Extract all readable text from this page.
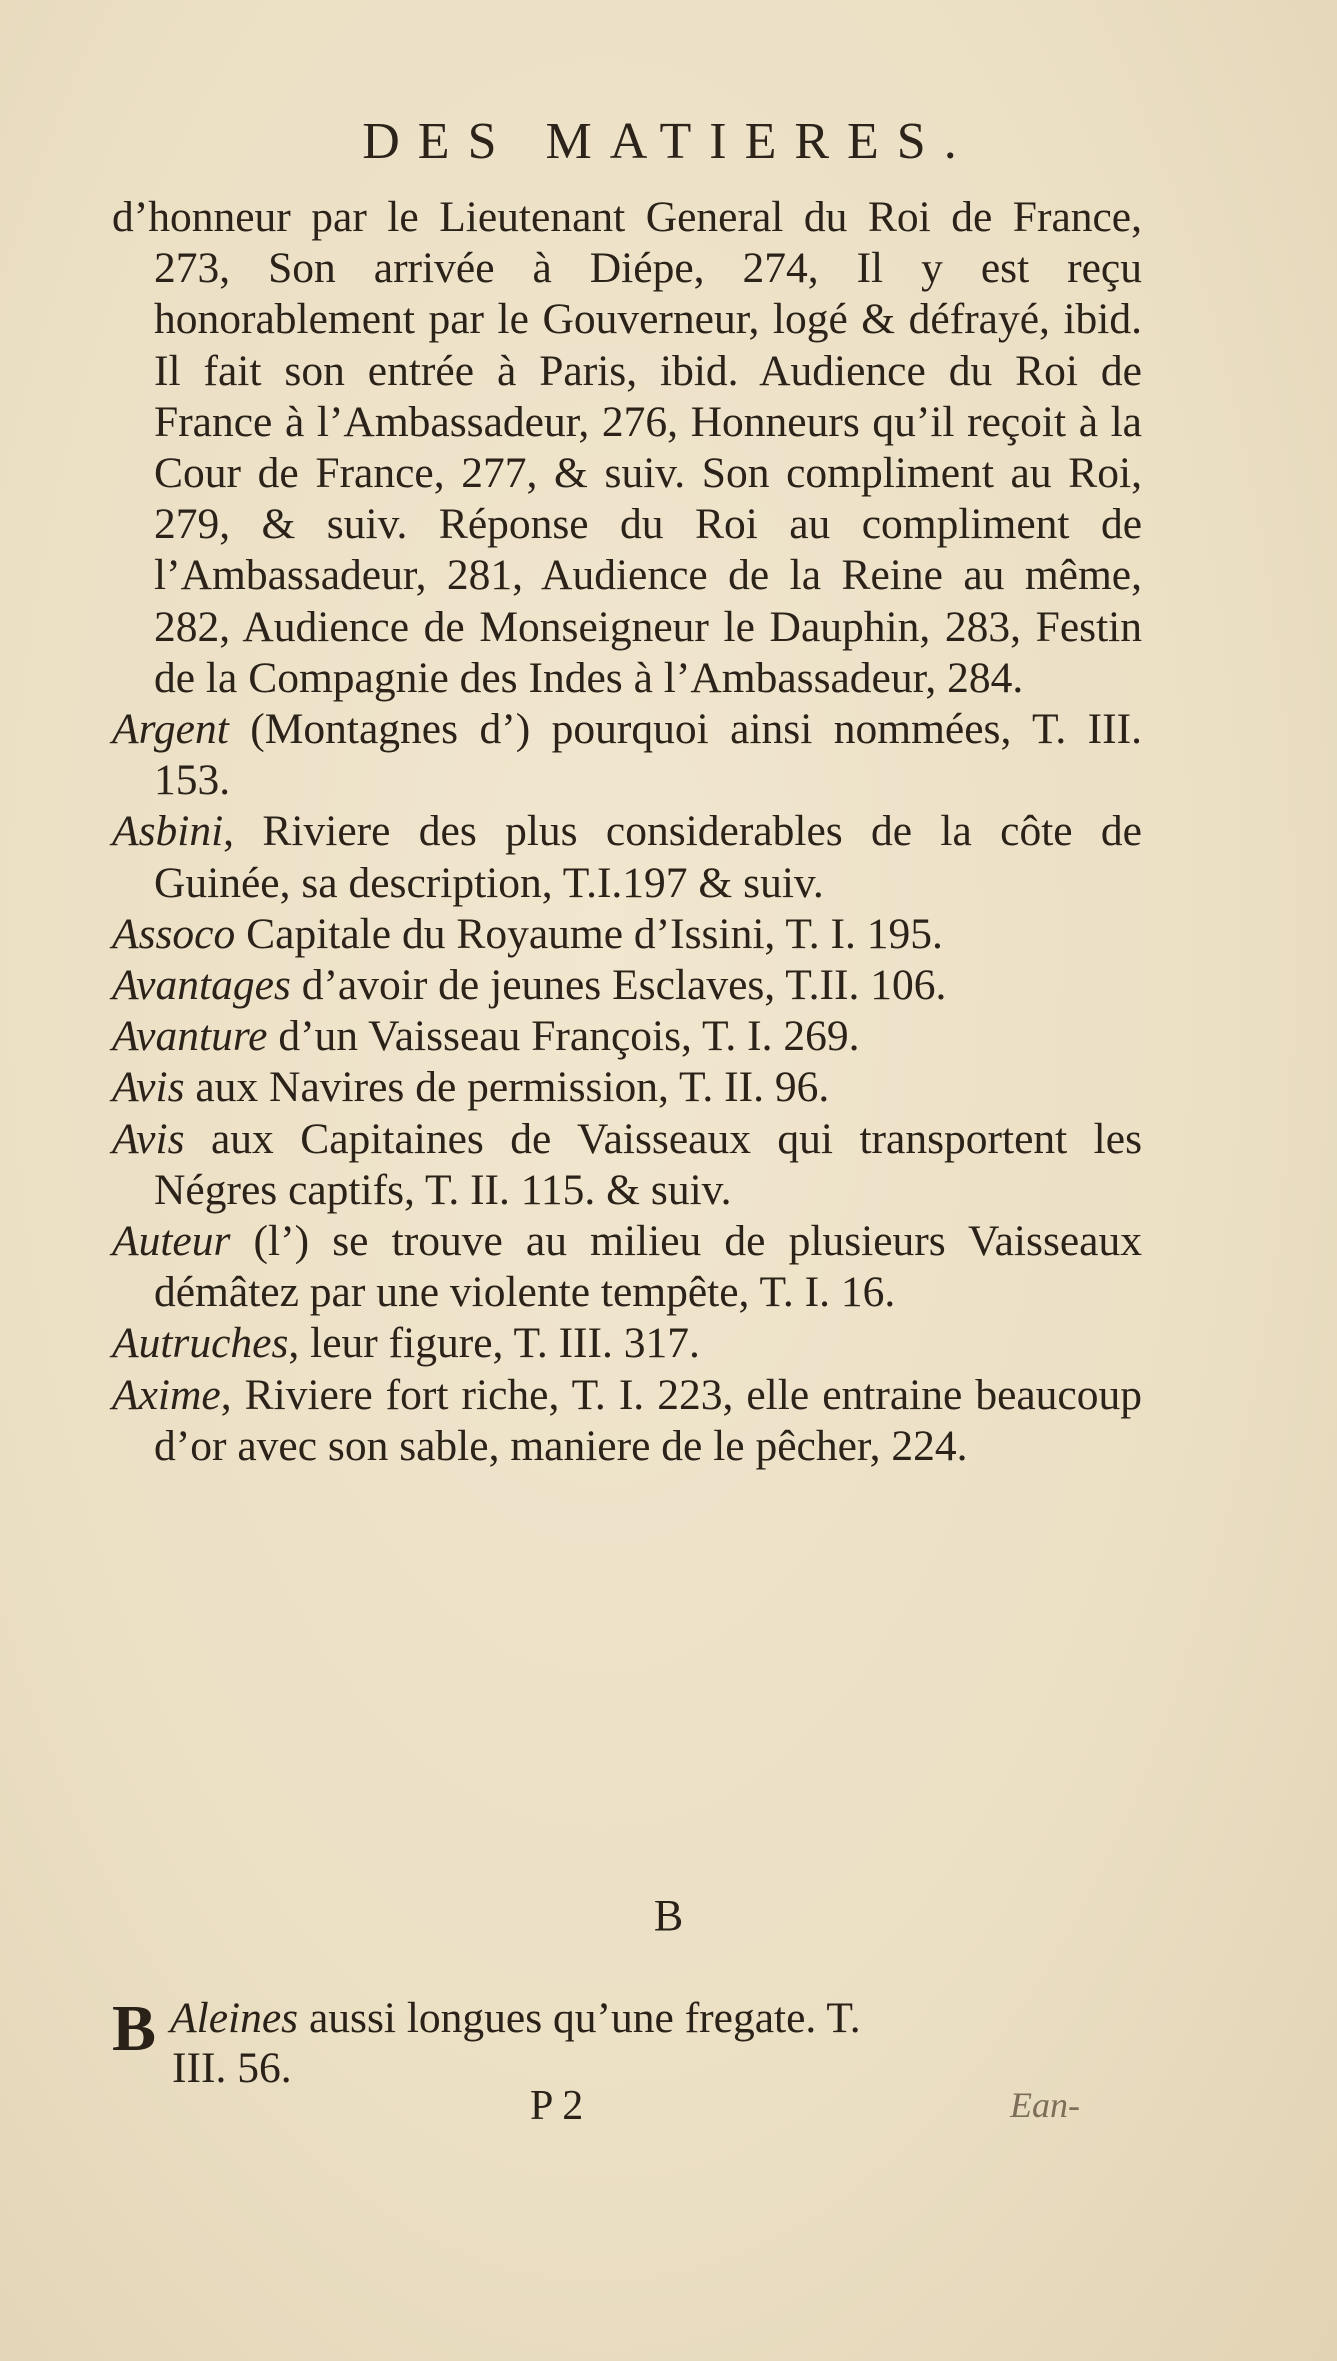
DES MATIERES.

d’honneur par le Lieutenant General du Roi de France, 273, Son arrivée à Diépe, 274, Il y est reçu honorablement par le Gouverneur, logé & défrayé, ibid. Il fait son entrée à Paris, ibid. Audience du Roi de France à l’Ambassadeur, 276, Honneurs qu’il reçoit à la Cour de France, 277, & suiv. Son compliment au Roi, 279, & suiv. Réponse du Roi au compliment de l’Ambassadeur, 281, Audience de la Reine au même, 282, Audience de Monseigneur le Dauphin, 283, Festin de la Compagnie des Indes à l’Ambassadeur, 284.

Argent (Montagnes d’) pourquoi ainsi nommées, T. III. 153.

Asbini, Riviere des plus considerables de la côte de Guinée, sa description, T.I.197 & suiv.

Assoco Capitale du Royaume d’Issini, T. I. 195.

Avantages d’avoir de jeunes Esclaves, T.II. 106.

Avanture d’un Vaisseau François, T. I. 269.

Avis aux Navires de permission, T. II. 96.

Avis aux Capitaines de Vaisseaux qui transportent les Négres captifs, T. II. 115. & suiv.

Auteur (l’) se trouve au milieu de plusieurs Vaisseaux démâtez par une violente tempête, T. I. 16.

Autruches, leur figure, T. III. 317.

Axime, Riviere fort riche, T. I. 223, elle entraine beaucoup d’or avec son sable, maniere de le pêcher, 224.

B
B Aleines aussi longues qu’une fregate. T.
III. 56.
P 2	Ean-
